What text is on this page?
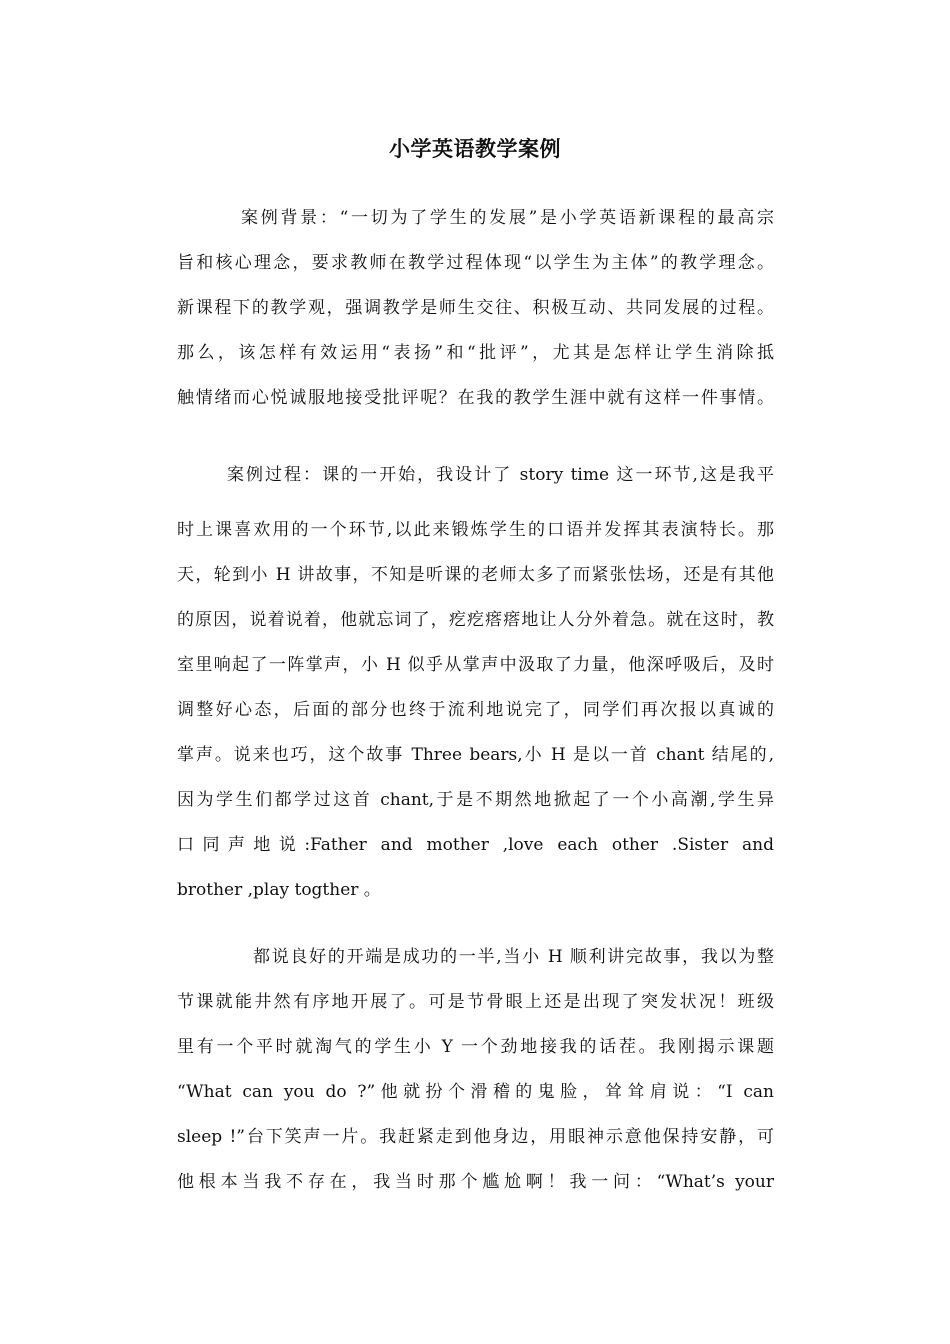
小学英语教学案例

案例背景：“一切为了学生的发展”是小学英语新课程的最高宗

旨和核心理念，要求教师在教学过程体现“以学生为主体”的教学理念。

新课程下的教学观，强调教学是师生交往、积极互动、共同发展的过程。

那么，该怎样有效运用“表扬”和“批评”，尤其是怎样让学生消除抵

触情绪而心悦诚服地接受批评呢？在我的教学生涯中就有这样一件事情。

案例过程：课的一开始，我设计了 story time 这一环节,这是我平

时上课喜欢用的一个环节,以此来锻炼学生的口语并发挥其表演特长。那

天，轮到小 H 讲故事，不知是听课的老师太多了而紧张怯场，还是有其他

的原因，说着说着，他就忘词了，疙疙瘩瘩地让人分外着急。就在这时，教

室里响起了一阵掌声，小 H 似乎从掌声中汲取了力量，他深呼吸后，及时

调整好心态，后面的部分也终于流利地说完了，同学们再次报以真诚的

掌声。说来也巧，这个故事 Three bears,小 H 是以一首 chant 结尾的,

因为学生们都学过这首 chant,于是不期然地掀起了一个小高潮,学生异

口同声地说:Father and mother ,love each other .Sister and

brother ,play togther 。

都说良好的开端是成功的一半,当小 H 顺利讲完故事，我以为整

节课就能井然有序地开展了。可是节骨眼上还是出现了突发状况！班级

里有一个平时就淘气的学生小 Y 一个劲地接我的话茬。我刚揭示课题

“What can you do ?”他就扮个滑稽的鬼脸，耸耸肩说：“I can

sleep !”台下笑声一片。我赶紧走到他身边，用眼神示意他保持安静，可

他根本当我不存在，我当时那个尴尬啊！我一问：“What’s your
